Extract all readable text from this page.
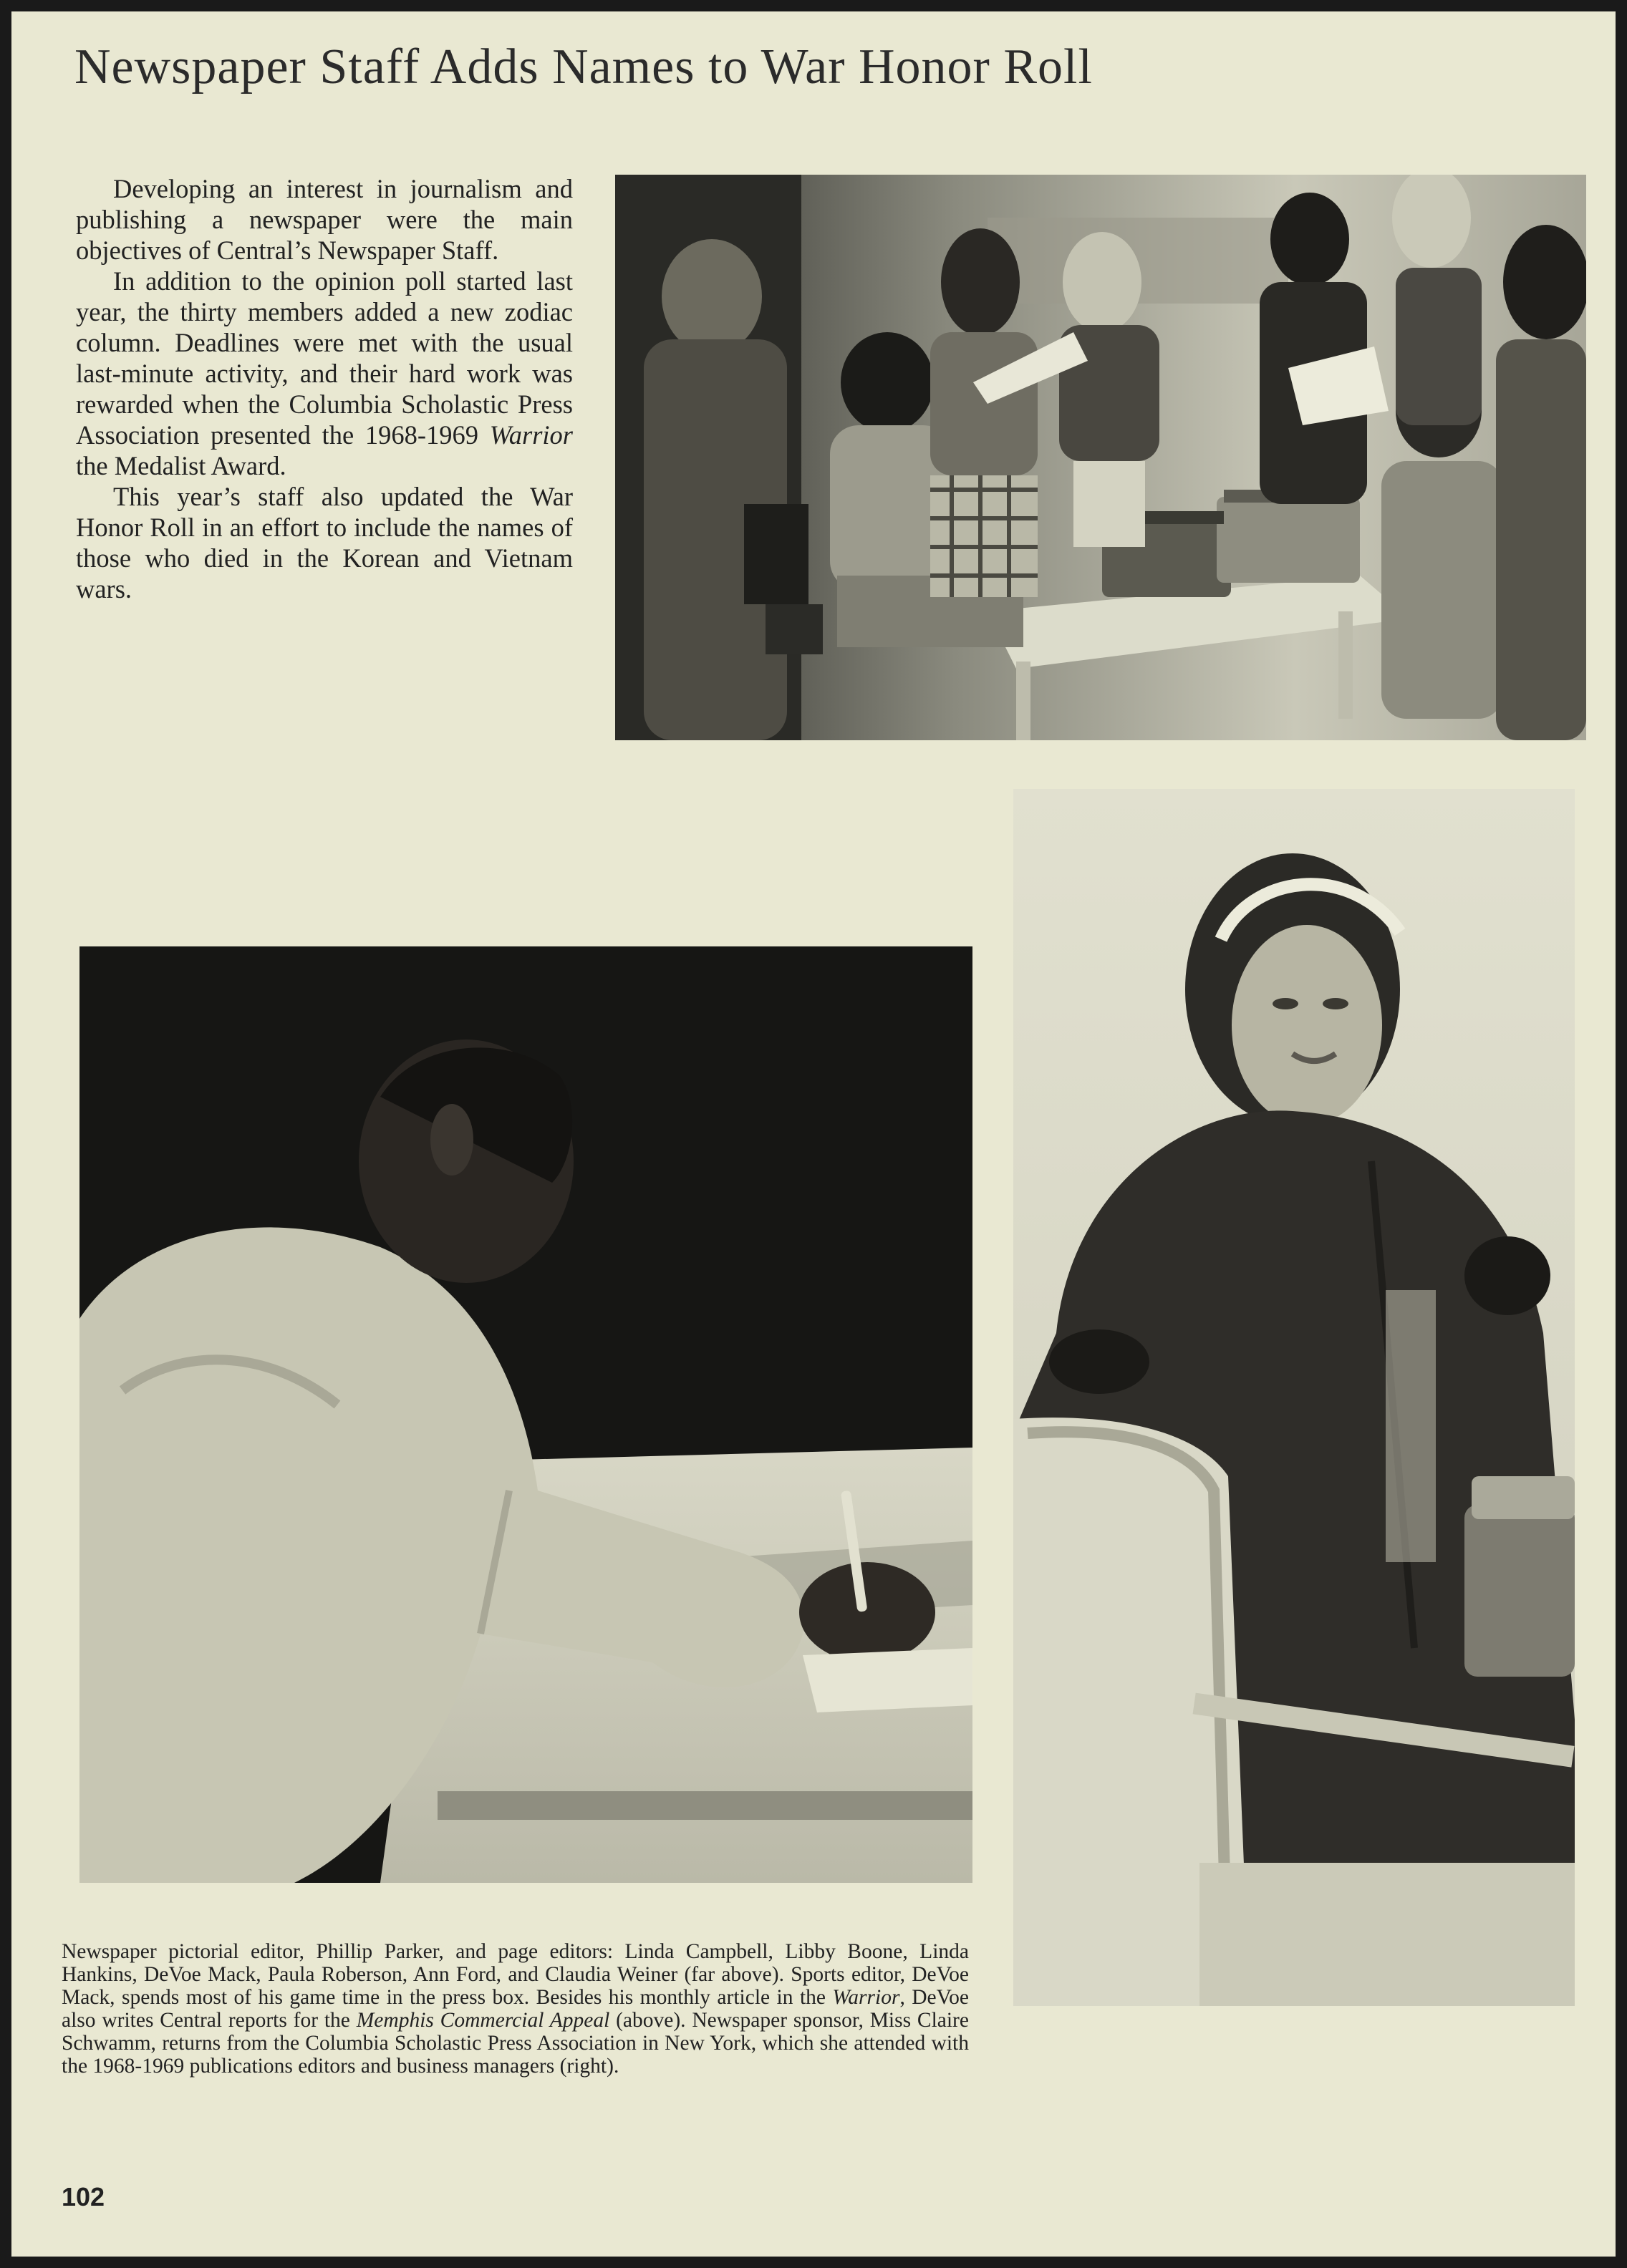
Newspaper Staff Adds Names to War Honor Roll

Developing an interest in journalism and publishing a newspaper were the main objectives of Central’s Newspaper Staff.

In addition to the opinion poll started last year, the thirty members added a new zodiac column. Deadlines were met with the usual last-minute activity, and their hard work was rewarded when the Columbia Scholastic Press Association presented the 1968-1969 Warrior the Medalist Award.

This year’s staff also updated the War Honor Roll in an effort to include the names of those who died in the Korean and Vietnam wars.

Newspaper pictorial editor, Phillip Parker, and page editors: Linda Campbell, Libby Boone, Linda Hankins, DeVoe Mack, Paula Roberson, Ann Ford, and Claudia Weiner (far above). Sports editor, DeVoe Mack, spends most of his game time in the press box. Besides his monthly article in the Warrior, DeVoe also writes Central reports for the Memphis Commercial Appeal (above). Newspaper sponsor, Miss Claire Schwamm, returns from the Columbia Scholastic Press Association in New York, which she attended with the 1968-1969 publications editors and business managers (right).

102
